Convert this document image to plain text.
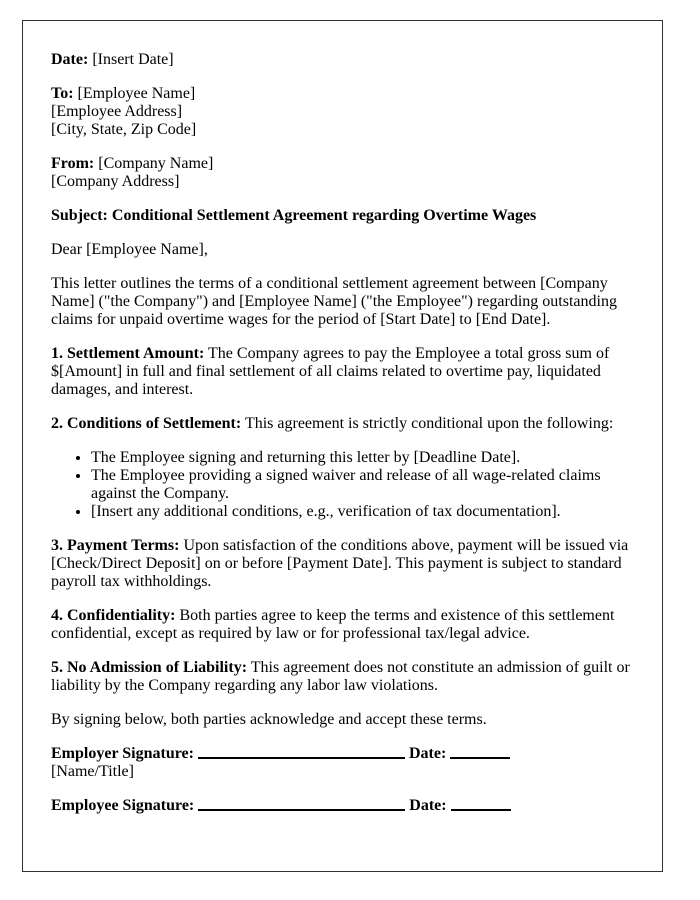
Date: [Insert Date]

To: [Employee Name]
[Employee Address]
[City, State, Zip Code]

From: [Company Name]
[Company Address]

Subject: Conditional Settlement Agreement regarding Overtime Wages

Dear [Employee Name],

This letter outlines the terms of a conditional settlement agreement between [Company Name] ("the Company") and [Employee Name] ("the Employee") regarding outstanding claims for unpaid overtime wages for the period of [Start Date] to [End Date].

1. Settlement Amount: The Company agrees to pay the Employee a total gross sum of $[Amount] in full and final settlement of all claims related to overtime pay, liquidated damages, and interest.

2. Conditions of Settlement: This agreement is strictly conditional upon the following:

• The Employee signing and returning this letter by [Deadline Date].
• The Employee providing a signed waiver and release of all wage-related claims against the Company.
• [Insert any additional conditions, e.g., verification of tax documentation].

3. Payment Terms: Upon satisfaction of the conditions above, payment will be issued via [Check/Direct Deposit] on or before [Payment Date]. This payment is subject to standard payroll tax withholdings.

4. Confidentiality: Both parties agree to keep the terms and existence of this settlement confidential, except as required by law or for professional tax/legal advice.

5. No Admission of Liability: This agreement does not constitute an admission of guilt or liability by the Company regarding any labor law violations.

By signing below, both parties acknowledge and accept these terms.

Employer Signature:	Date:
[Name/Title]

Employee Signature:	Date:
